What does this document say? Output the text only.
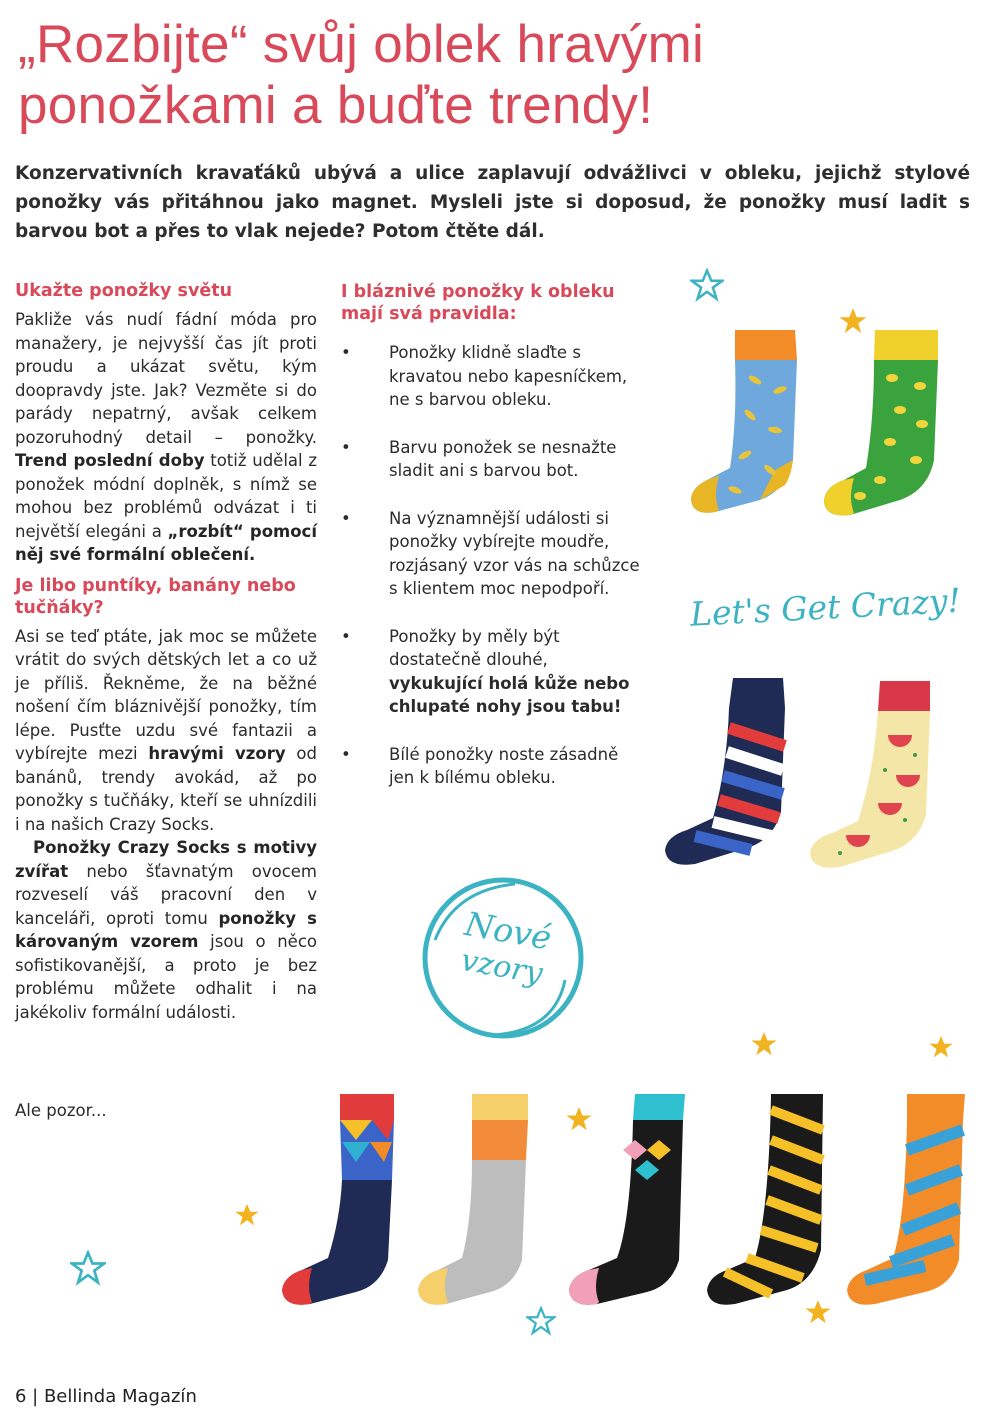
„Rozbijte“ svůj oblek hravými ponožkami a buďte trendy!

Konzervativních kravaťáků ubývá a ulice zaplavují odvážlivci v obleku, jejichž stylové ponožky vás přitáhnou jako magnet. Mysleli jste si doposud, že ponožky musí ladit s barvou bot a přes to vlak nejede? Potom čtěte dál.

Ukažte ponožky světu

Pakliže vás nudí fádní móda pro manažery, je nejvyšší čas jít proti proudu a ukázat světu, kým doopravdy jste. Jak? Vezměte si do parády nepatrný, avšak celkem pozoruhodný detail – ponožky. Trend poslední doby totiž udělal z ponožek módní doplněk, s nímž se mohou bez problémů odvázat i ti největší elegáni a „rozbít“ pomocí něj své formální oblečení.

Je libo puntíky, banány nebo tučňáky?

Asi se teď ptáte, jak moc se můžete vrátit do svých dětských let a co už je příliš. Řekněme, že na běžné nošení čím bláznivější ponožky, tím lépe. Pusťte uzdu své fantazii a vybírejte mezi hravými vzory od banánů, trendy avokád, až po ponožky s tučňáky, kteří se uhnízdili i na našich Crazy Socks.

Ponožky Crazy Socks s motivy zvířat nebo šťavnatým ovocem rozveselí váš pracovní den v kanceláři, oproti tomu ponožky s károvaným vzorem jsou o něco sofistikovanější, a proto je bez problému můžete odhalit i na jakékoliv formální události.

Ale pozor...
I bláznivé ponožky k obleku mají svá pravidla:
• Ponožky klidně slaďte s kravatou nebo kapesníčkem, ne s barvou obleku.
• Barvu ponožek se nesnažte sladit ani s barvou bot.
• Na významnější události si ponožky vybírejte moudře, rozjásaný vzor vás na schůzce s klientem moc nepodpoří.
• Ponožky by měly být dostatečně dlouhé, vykukující holá kůže nebo chlupaté nohy jsou tabu!
• Bílé ponožky noste zásadně jen k bílému obleku.
Let's Get Crazy!
Nové
vzory
6 | Bellinda Magazín
